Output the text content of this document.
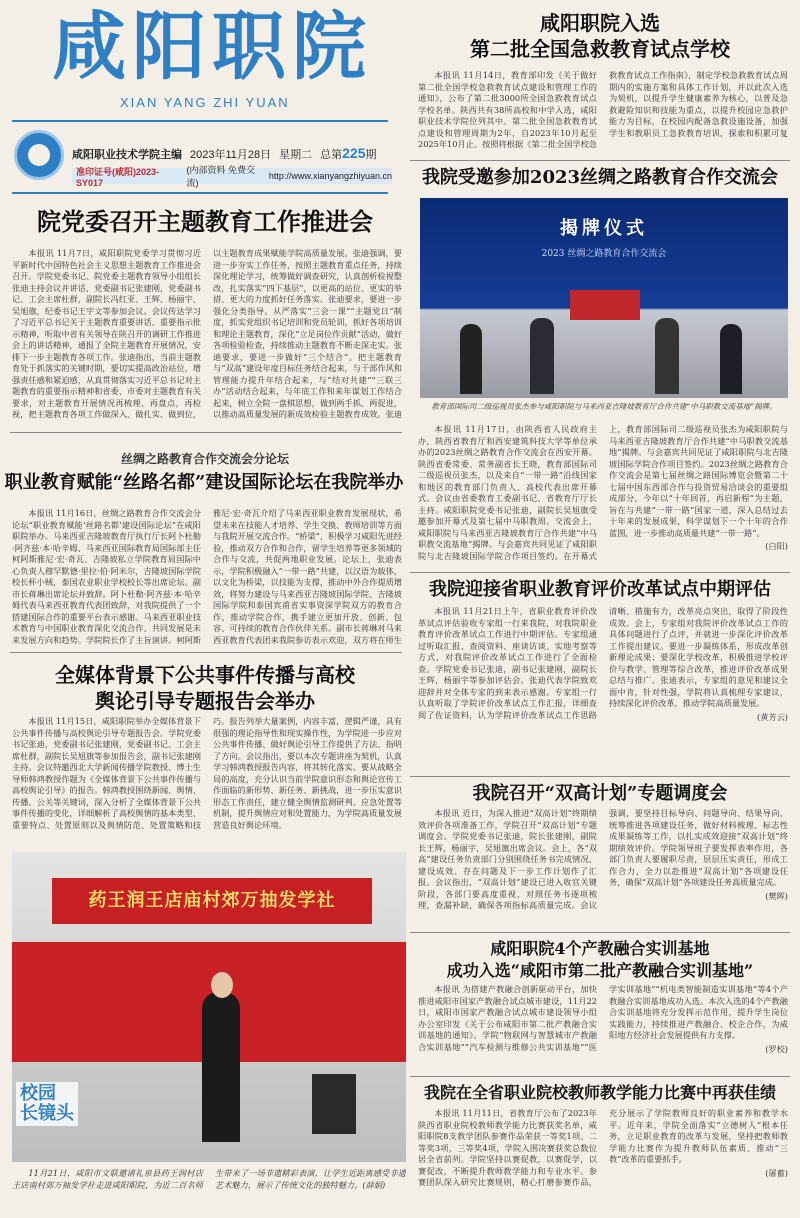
咸阳职院
XIAN YANG ZHI YUAN
咸阳职业技术学院主编 2023年11月28日 星期二 总第225期
准印证号(咸阳)2023-SY017
(内部资料 免费交流)
http://www.xianyangzhiyuan.cn
咸阳职院入选
第二批全国急救教育试点学校

本报讯 11月14日，教育部印发《关于做好第二批全国学校急救教育试点建设和管理工作的通知》，公布了第二批3000所全国急救教育试点学校名单。陕西共有38所高校和中学入选，咸阳职业技术学院位列其中。第二批全国急救教育试点建设和管理周期为2年，自2023年10月起至2025年10月止。按照将根据《第二批全国学校急救教育试点工作指南》，制定学校急救教育试点周期内的实施方案和具体工作计划，并以此次入选为契机，以提升学生健康素养为核心，以普及急救避险知识和技能为重点，以提升校园应急救护能力为目标，在校园内配备急救设施设备，加强学生和教职员工急救教育培训，探索和积累可复

我院受邀参加2023丝绸之路教育合作交流会
揭牌仪式
2023 丝绸之路教育合作交流会
教育部国际司二级巡视员张杰参与咸阳职院与马来西亚吉隆坡教育厅合作共建“中马职教交流基地”揭牌。

本报讯 11月17日，由陕西省人民政府主办，陕西省教育厅和西安建筑科技大学等单位承办的2023丝绸之路教育合作交流会在西安开幕。陕西省委常委、常务副省长王晓，教育部国际司二级巡视员张杰，以及来自“一带一路”沿线国家和地区的教育部门负责人、高校代表出席开幕式。会议由省委教育工委副书记、省教育厅厅长主持。咸阳职院党委书记张迪，副院长吴旭旗受邀参加开幕式及第七届中马职教周。交流会上，咸阳职院与马来西亚吉隆坡教育厅合作共建“中马职教交流基地”揭牌。与会嘉宾共同见证了咸阳职院与北吉隆坡国际学院合作项目签约。在开幕式上，教育部国际司二级巡视员张杰为咸阳职院与马来西亚吉隆坡教育厅合作共建“中马职教交流基地”揭牌。与会嘉宾共同见证了咸阳职院与北吉隆坡国际学院合作项目签约。2023丝绸之路教育合作交流会是第七届丝绸之路国际博览会暨第二十七届中国东西部合作与投资贸易洽谈会的重要组成部分，今年以“十年回首，再启新程”为主题，旨在与共建“一带一路”国家一道，深入总结过去十年来的发展成果，科学谋划下一个十年的合作蓝图，进一步推动高质量共建“一带一路”。

(白阳)

院党委召开主题教育工作推进会

本报讯 11月7日，咸阳职院党委学习贯彻习近平新时代中国特色社会主义思想主题教育工作推进会召开。学院党委书记、院党委主题教育领导小组组长张迪主持会议并讲话，党委副书记张建刚，党委副书记、工会主席杜群，副院长冯红亚、王辉、杨丽宇、吴旭旗，纪委书记王宇文等参加会议。会议传达学习了习近平总书记关于主题教育重要讲话、重要指示批示精神，听取中省有关领导在陕召开的调研工作推进会上的讲话精神，通报了全院主题教育开展情况，安排下一步主题教育各项工作。张迪指出，当前主题教育处于抓落实的关键时期，要切实提高政治站位，增强责任感和紧迫感，从真贯彻落实习近平总书记对主题教育的重要指示精神和省委、市委对主题教育有关要求，对主题教育开展情况再梳理、再盘点，再检视，把主题教育各项工作做深入、做扎实、做到位，以主题教育成果赋能学院高质量发展。张迪强调，要进一步夯实工作任务，按照主题教育重点任务，持续深化理论学习，统筹做好调查研究，认真剖析检视整改，扎实落实“四下基层”，以更高的站位、更实的举措、更大的力度抓好任务落实。张迪要求，要进一步强化分类指导。从严落实“三会一课”“主题党日”制度，抓实党组织书记培训和党员轮训，抓好各项培训和理论主题教育，深化“立足岗位作贡献”活动，做好各项检验检查，持续推动主题教育不断走深走实。张迪要求，要进一步做好“三个结合”。把主题教育与“双高”建设年度目标任务结合起来，与干部作风和管理能力提升年结合起来，与“结对共建”“三联三办”活动结合起来，与年底工作和来年谋划工作结合起来，树立全院一盘棋思想，做到两手抓、两促进，以推动高质量发展的新成效检验主题教育成效。张迪

丝绸之路教育合作交流会分论坛
职业教育赋能“丝路名都”建设国际论坛在我院举办

本报讯 11月16日，丝绸之路教育合作交流会分论坛“职业教育赋能‘丝路名都’建设国际论坛”在咸阳职院举办。马来西亚吉隆坡教育厅执行厅长阿卜杜勒·阿齐兹·本·哈辛姆、马来西亚国际教育局国际部主任柯阿斯雅尼·宏·奇瓦、吉隆坡私立学院教育局国际中心负责人穆罕默德·里拉·伯·阿米尔，吉隆坡国际学院校长杯小贼，泰国农业职业学校校长等出席论坛。副市长蒋琳出席论坛并致辞。阿卜杜勒·阿齐兹·本·哈辛姆代表马来西亚教育代表团致辞，对我院提供了一个搭建国际合作的重要平台表示感谢。马来西亚职业技术教育与中国职业教育深化交流合作、共同发展是未来发展方向和趋势。学院院长作了主旨演讲。柯阿斯雅尼·宏·奇瓦介绍了马来西亚职业教育发展现状，希望未来在技能人才培养、学生交换、教师培训等方面与我院开展交流合作。“桥梁”，积极学习咸阳先进经验，推动双方合作和合作，留学生培养等更多领域的合作与交流，共促两地职业发展。论坛上，张迪表示，学院积极融入“一带一路”共建，以汉语为载体，以文化为桥梁，以技能为支撑，推动中外合作提质增效，将努力建设与马来西亚吉隆坡国际学院、吉隆坡国际学院和泰国宾甫省实事资深学院双方的教育合作，推动学院合作，携手建立更加开放、创新、包容、可持续的教育合作伙伴关系。副市长蒋琳对马来西亚教育代表团来我院参访表示欢迎，双方将在师生

全媒体背景下公共事件传播与高校
舆论引导专题报告会举办

本报讯 11月15日，咸阳职院举办全媒体背景下公共事件传播与高校舆论引导专题报告会。学院党委书记张迪，党委副书记张建刚，党委副书记、工会主席杜群，副院长吴旭旗等参加报告会，副书记张建刚主持。会议特邀西北大学新闻传播学院教授、博士生导师韩鸿教授作题为《全媒体背景下公共事件传播与高校舆论引导》的报告。韩鸿教授围绕新闻、舆情、传播、公关等关键词，深入分析了全媒体背景下公共事件传播的变化，详细解析了高校舆情的基本类型、重要特点、处置原则以及舆情防范、处置策略和技巧。报告列举大量案例，内容丰富，逻辑严谨，具有很强的理论指导性和现实操作性，为学院进一步应对公共事件传播、做好舆论引导工作提供了方法、指明了方向。会议指出，要以本次专题讲座为契机，认真学习韩鸿教授报告内容，将其转化落实。要从战略全局的高度，充分认识当前学院意识形态和舆论宣传工作面临的新形势、新任务、新挑战，进一步压实意识形态工作责任，建立健全舆情监测研判、应急处置等机制，提升舆情应对和处置能力，为学院高质量发展营造良好舆论环境。

药王润王店庙村郊万抽发学社
校园
长镜头

11月21日，咸阳市文联邀请礼泉县药王润村店王店南村郊万抽发学社走进咸阳职院，为近二百名师生带来了一场非遗精彩表演，让学生近距离感受非遗艺术魅力，展示了传统文化的独特魅力。(薛娟)

我院迎接省职业教育评价改革试点中期评估

本报讯 11月21日上午，省职业教育评价改革试点评估验收专家组一行来我院，对我院职业教育评价改革试点工作进行中期评估。专家组通过听取汇报、查阅资料、座谈访谈、实地考察等方式，对我院评价改革试点工作进行了全面检查。学院党委书记张迪，副书记张建刚，副院长王辉，杨丽宇等参加评估会。张迪代表学院致欢迎辞并对全体专家的到来表示感谢。专家组一行认真听取了学院评价改革试点工作汇报，详细查阅了佐证资料，认为学院评价改革试点工作思路清晰、措施有力，改革亮点突出，取得了阶段性成效。会上，专家组对我院评价改革试点工作的具体问题进行了点评，并就进一步深化评价改革工作提出建议。要进一步凝练体系，形成改革创新理论成果；要深化学校改革，积极推进学校评价与教学、管理等综合改革，推进评价改革成果总结与推广。张迪表示，专家组的意见和建议全面中肯，针对性强，学院将认真梳理专家建议，持续深化评价改革，推动学院高质量发展。

(黄芳云)

我院召开“双高计划”专题调度会

本报讯 近日，为深入推进“双高计划”终期绩效评价各项准备工作，学院召开“双高计划”专题调度会。学院党委书记张迪，院长张建刚，副院长王辉，杨丽宇，吴旭旗出席会议。会上，各“双高”建设任务负责部门分别围绕任务书完成情况、建设成效、存在问题及下一步工作计划作了汇报。会议指出，“双高计划”建设已进入收官关键阶段，各部门要高度重视，对照任务书逐项梳理，查漏补缺，确保各项指标高质量完成。会议强调，要坚持目标导向、问题导向、结果导向，统筹推进各项建设任务，做好材料梳理、标志性成果凝练等工作，以扎实成效迎接“双高计划”终期绩效评价。学院领导班子要发挥表率作用，各部门负责人要履职尽责，层层压实责任，形成工作合力，全力以赴推进“双高计划”各项建设任务，确保“双高计划”各项建设任务高质量完成。

(樊晖)

咸阳职院4个产教融合实训基地
成功入选“咸阳市第二批产教融合实训基地”

本报讯 为搭建产教融合创新驱动平台，加快推进咸阳市国家产教融合试点城市建设，11月22日，咸阳市国家产教融合试点城市建设领导小组办公室印发《关于公布咸阳市第二批产教融合实训基地的通知》。学院“物联网与智慧城市产教融合实训基地”“汽车检测与维修公共实训基地”“医学实训基地”“机电类智能制造实训基地”等4个产教融合实训基地成功入选。本次入选的4个产教融合实训基地将充分发挥示范作用，提升学生岗位实践能力，持续推进产教融合、校企合作，为咸阳地方经济社会发展提供有力支撑。

(罗校)

我院在全省职业院校教师教学能力比赛中再获佳绩

本报讯 11月11日，省教育厅公布了2023年陕西省职业院校教师教学能力比赛获奖名单，咸阳职院8支教学团队参赛作品荣获一等奖1项、二等奖3项，三等奖4项，学院入围决赛获奖总数位居全省前列。学院坚持以赛促教，以赛促学，以赛促改，不断提升教师教学能力和专业水平。参赛团队深入研究比赛规则，精心打磨参赛作品，充分展示了学院教师良好的职业素养和教学水平。近年来，学院全面落实“立德树人”根本任务，立足职业教育的改革与发展，坚持把教师教学能力比赛作为提升教师队伍素质、推动“三教”改革的重要抓手。

(屠蓄)
